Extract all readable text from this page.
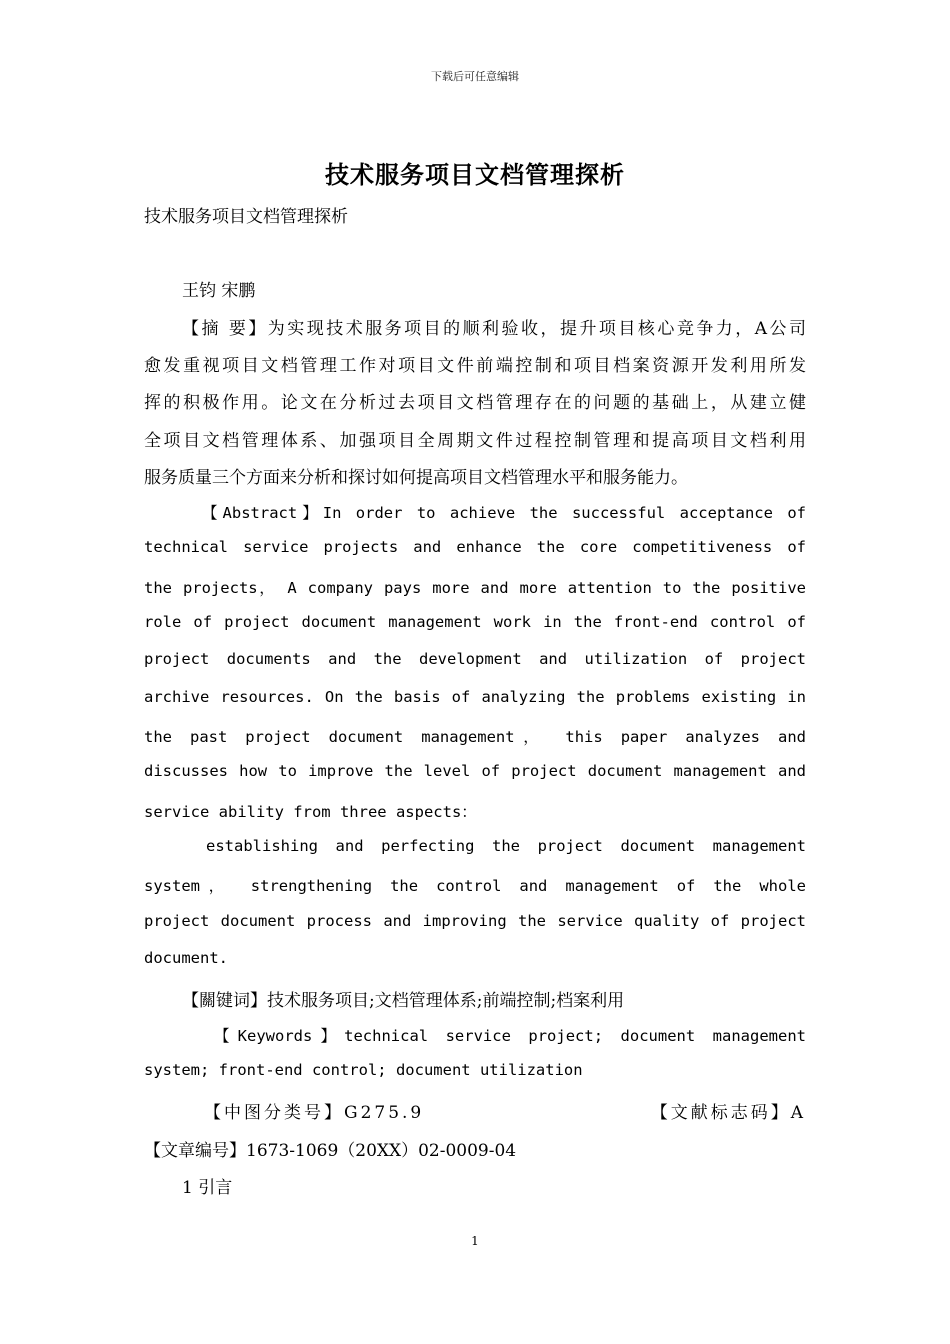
下载后可任意编辑
技术服务项目文档管理探析
技术服务项目文档管理探析
王钧 宋鹏
【摘 要】为实现技术服务项目的顺利验收，提升项目核心竞争力，A公司
愈发重视项目文档管理工作对项目文件前端控制和项目档案资源开发利用所发
挥的积极作用。论文在分析过去项目文档管理存在的问题的基础上，从建立健
全项目文档管理体系、加强项目全周期文件过程控制管理和提高项目文档利用
服务质量三个方面来分析和探讨如何提高项目文档管理水平和服务能力。
【Abstract】In order to achieve the successful acceptance of
technical service projects and enhance the core competitiveness of
the projects， A company pays more and more attention to the positive
role of project document management work in the front-end control of
project documents and the development and utilization of project
archive resources. On the basis of analyzing the problems existing in
the past project document management， this paper analyzes and
discusses how to improve the level of project document management and
service ability from three aspects：
establishing and perfecting the project document management
system， strengthening the control and management of the whole
project document process and improving the service quality of project
document.
【關键词】技术服务项目;文档管理体系;前端控制;档案利用
【Keywords】technical service project; document management
system; front-end control; document utilization
【中图分类号】G275.9	【文献标志码】A
【文章编号】1673-1069（20XX）02-0009-04
1 引言
1
